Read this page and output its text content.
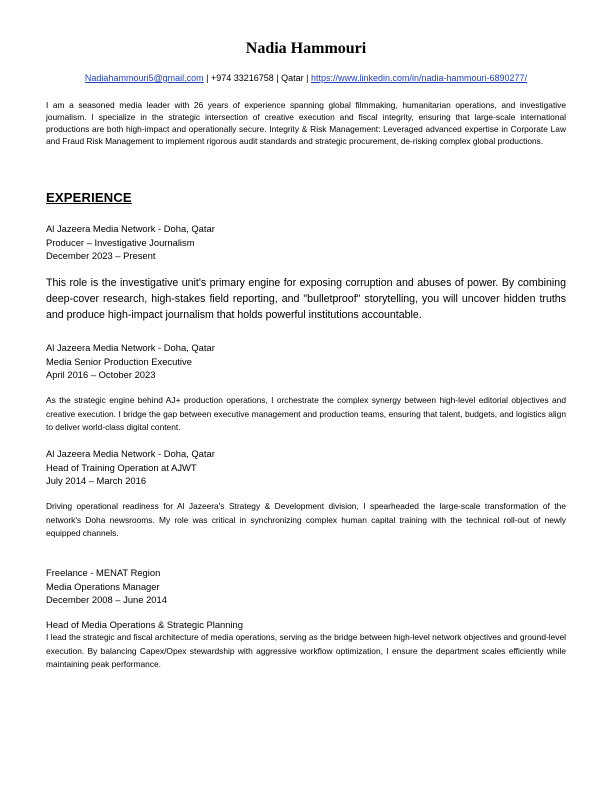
Nadia Hammouri
Nadiahammouri5@gmail.com | +974 33216758 | Qatar | https://www.linkedin.com/in/nadia-hammouri-6890277/

I am a seasoned media leader with 26 years of experience spanning global filmmaking, humanitarian operations, and investigative journalism. I specialize in the strategic intersection of creative execution and fiscal integrity, ensuring that large-scale international productions are both high-impact and operationally secure. Integrity & Risk Management: Leveraged advanced expertise in Corporate Law and Fraud Risk Management to implement rigorous audit standards and strategic procurement, de-risking complex global productions.

EXPERIENCE
Al Jazeera Media Network - Doha, Qatar
Producer – Investigative Journalism
December 2023 – Present

This role is the investigative unit's primary engine for exposing corruption and abuses of power. By combining deep-cover research, high-stakes field reporting, and "bulletproof" storytelling, you will uncover hidden truths and produce high-impact journalism that holds powerful institutions accountable.

Al Jazeera Media Network - Doha, Qatar
Media Senior Production Executive
April 2016 – October 2023

As the strategic engine behind AJ+ production operations, I orchestrate the complex synergy between high-level editorial objectives and creative execution. I bridge the gap between executive management and production teams, ensuring that talent, budgets, and logistics align to deliver world-class digital content.

Al Jazeera Media Network - Doha, Qatar
Head of Training Operation at AJWT
July 2014 – March 2016

Driving operational readiness for Al Jazeera's Strategy & Development division, I spearheaded the large-scale transformation of the network's Doha newsrooms. My role was critical in synchronizing complex human capital training with the technical roll-out of newly equipped channels.

Freelance - MENAT Region
Media Operations Manager
December 2008 – June 2014
Head of Media Operations & Strategic Planning

I lead the strategic and fiscal architecture of media operations, serving as the bridge between high-level network objectives and ground-level execution. By balancing Capex/Opex stewardship with aggressive workflow optimization, I ensure the department scales efficiently while maintaining peak performance.
